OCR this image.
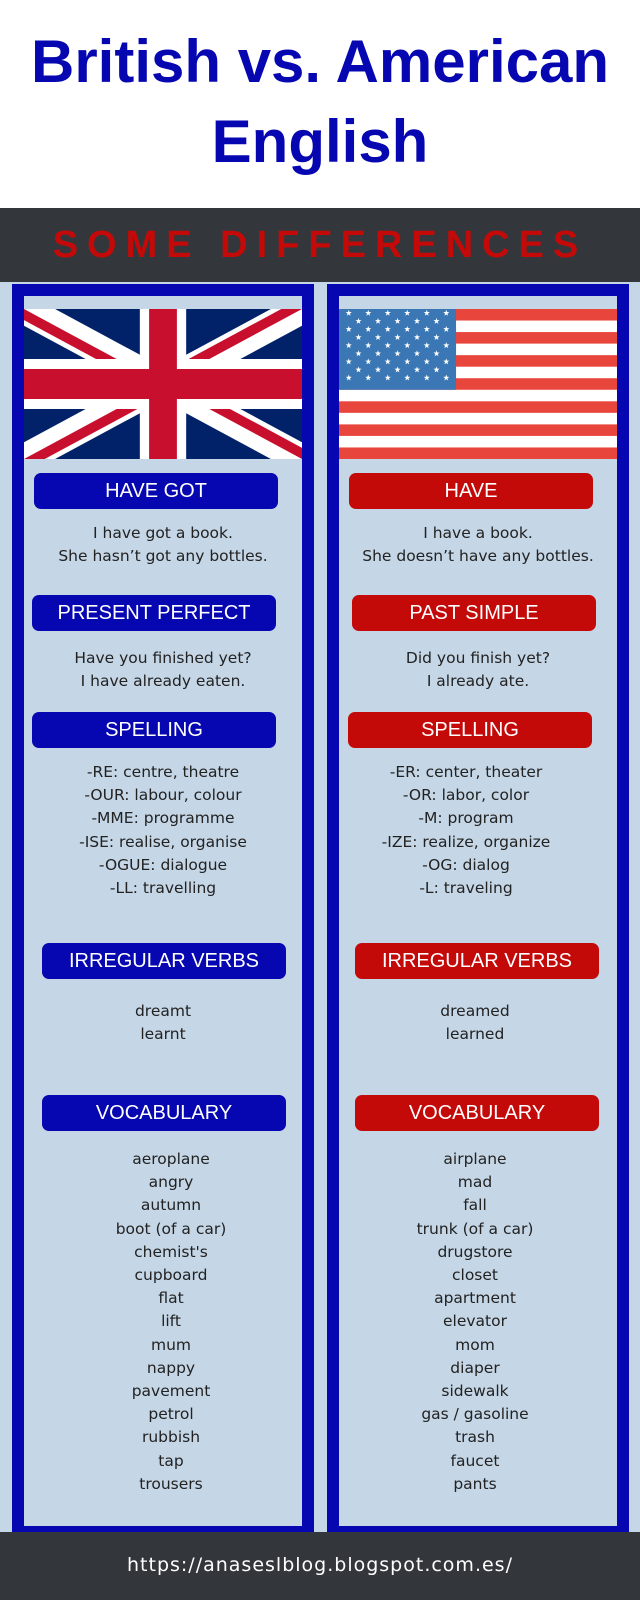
British vs. American
English
SOME DIFFERENCES
HAVE GOT
I have got a book.
She hasn’t got any bottles.
PRESENT PERFECT
Have you finished yet?
I have already eaten.
SPELLING
-RE: centre, theatre
-OUR: labour, colour
-MME: programme
-ISE: realise, organise
-OGUE: dialogue
-LL: travelling
IRREGULAR VERBS
dreamt
learnt
VOCABULARY
aeroplane
angry
autumn
boot (of a car)
chemist's
cupboard
flat
lift
mum
nappy
pavement
petrol
rubbish
tap
trousers
HAVE
I have a book.
She doesn’t have any bottles.
PAST SIMPLE
Did you finish yet?
I already ate.
SPELLING
-ER: center, theater
-OR: labor, color
-M: program
-IZE: realize, organize
-OG: dialog
-L: traveling
IRREGULAR VERBS
dreamed
learned
VOCABULARY
airplane
mad
fall
trunk (of a car)
drugstore
closet
apartment
elevator
mom
diaper
sidewalk
gas / gasoline
trash
faucet
pants
https://anaseslblog.blogspot.com.es/
